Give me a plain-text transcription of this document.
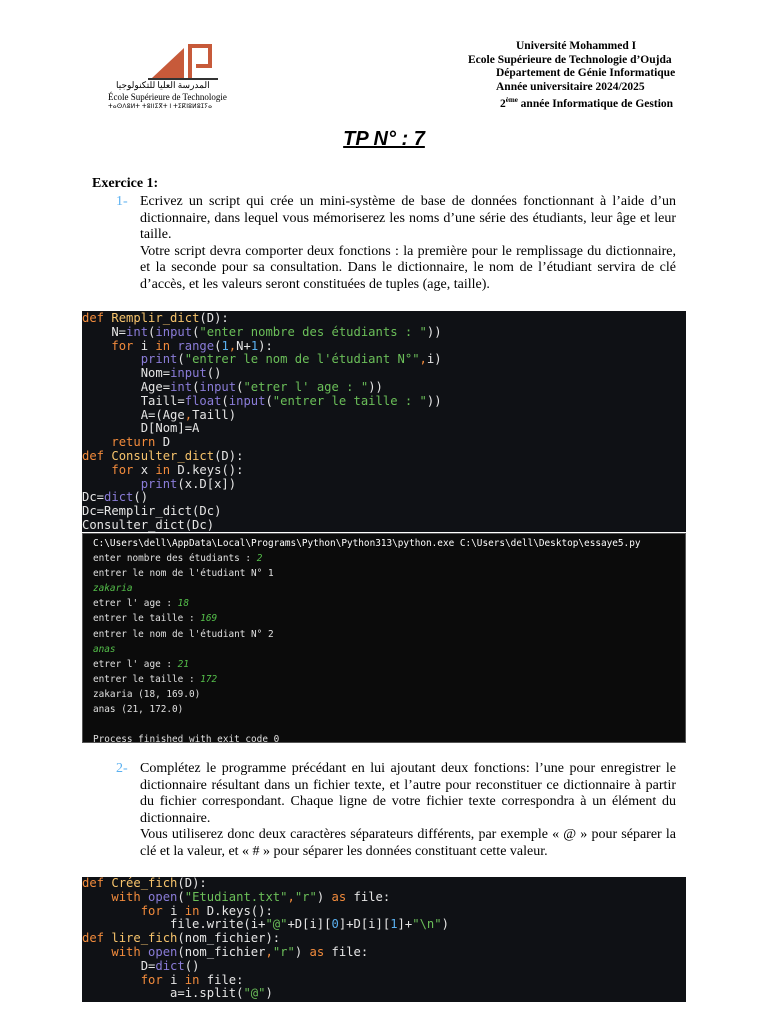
المدرسة العليا للتكنولوجيا
École Supérieure de Technologie
ⵜⴰⵙⴷⵓⵍⵜ ⵜⵓⵏⵏⵉⴳⵜ ⵏ ⵜⵉⴽⵏⵓⵍⵓⵊⵢⴰ
Université Mohammed I
Ecole Supérieure de Technologie d’Oujda
Département de Génie Informatique
Année universitaire 2024/2025
2ème année Informatique de Gestion
TP N° : 7
Exercice 1:
1- Ecrivez un script qui crée un mini-système de base de données fonctionnant à l’aide d’un dictionnaire, dans lequel vous mémoriserez les noms d’une série des étudiants, leur âge et leur taille.

Votre script devra comporter deux fonctions : la première pour le remplissage du dictionnaire, et la seconde pour sa consultation. Dans le dictionnaire, le nom de l’étudiant servira de clé d’accès, et les valeurs seront constituées de tuples (age, taille).

def Remplir_dict(D):
N=int(input("enter nombre des étudiants : "))
for i in range(1,N+1):
print("entrer le nom de l'étudiant N°",i)
Nom=input()
Age=int(input("etrer l' age : "))
Taill=float(input("entrer le taille : "))
A=(Age,Taill)
D[Nom]=A
return D
def Consulter_dict(D):
for x in D.keys():
print(x.D[x])
Dc=dict()
Dc=Remplir_dict(Dc)
Consulter_dict(Dc)
C:\Users\dell\AppData\Local\Programs\Python\Python313\python.exe C:\Users\dell\Desktop\essaye5.py
enter nombre des étudiants : 2
entrer le nom de l'étudiant N° 1
zakaria
etrer l' age : 18
entrer le taille : 169
entrer le nom de l'étudiant N° 2
anas
etrer l' age : 21
entrer le taille : 172
zakaria (18, 169.0)
anas (21, 172.0)

Process finished with exit code 0
2- Complétez le programme précédant en lui ajoutant deux fonctions: l’une pour enregistrer le dictionnaire résultant dans un fichier texte, et l’autre pour reconstituer ce dictionnaire à partir du fichier correspondant. Chaque ligne de votre fichier texte correspondra à un élément du dictionnaire.

Vous utiliserez donc deux caractères séparateurs différents, par exemple « @ » pour séparer la clé et la valeur, et « # » pour séparer les données constituant cette valeur.

def Crée_fich(D):
with open("Etudiant.txt","r") as file:
for i in D.keys():
file.write(i+"@"+D[i][0]+D[i][1]+"\n")
def lire_fich(nom_fichier):
with open(nom_fichier,"r") as file:
D=dict()
for i in file:
a=i.split("@")
